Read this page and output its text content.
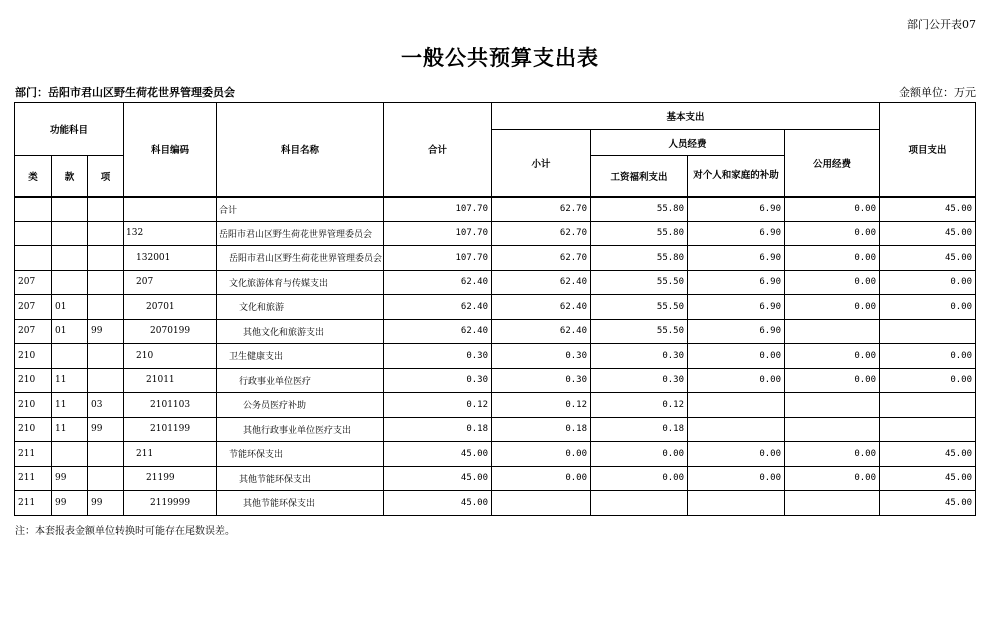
部门公开表07
一般公共预算支出表
部门：岳阳市君山区野生荷花世界管理委员会	金额单位：万元
功能科目			科目编码	科目名称	合计	基本支出				项目支出
						小计	人员经费		公用经费	
类	款	项					工资福利支出	对个人和家庭的补助		
				合计	107.70	62.70	55.80	6.90	0.00	45.00
			132	岳阳市君山区野生荷花世界管理委员会	107.70	62.70	55.80	6.90	0.00	45.00
			132001	岳阳市君山区野生荷花世界管理委员会	107.70	62.70	55.80	6.90	0.00	45.00
207			207	文化旅游体育与传媒支出	62.40	62.40	55.50	6.90	0.00	0.00
207	01		20701	文化和旅游	62.40	62.40	55.50	6.90	0.00	0.00
207	01	99	2070199	其他文化和旅游支出	62.40	62.40	55.50	6.90		
210			210	卫生健康支出	0.30	0.30	0.30	0.00	0.00	0.00
210	11		21011	行政事业单位医疗	0.30	0.30	0.30	0.00	0.00	0.00
210	11	03	2101103	公务员医疗补助	0.12	0.12	0.12			
210	11	99	2101199	其他行政事业单位医疗支出	0.18	0.18	0.18			
211			211	节能环保支出	45.00	0.00	0.00	0.00	0.00	45.00
211	99		21199	其他节能环保支出	45.00	0.00	0.00	0.00	0.00	45.00
211	99	99	2119999	其他节能环保支出	45.00					45.00
注：本套报表金额单位转换时可能存在尾数误差。
